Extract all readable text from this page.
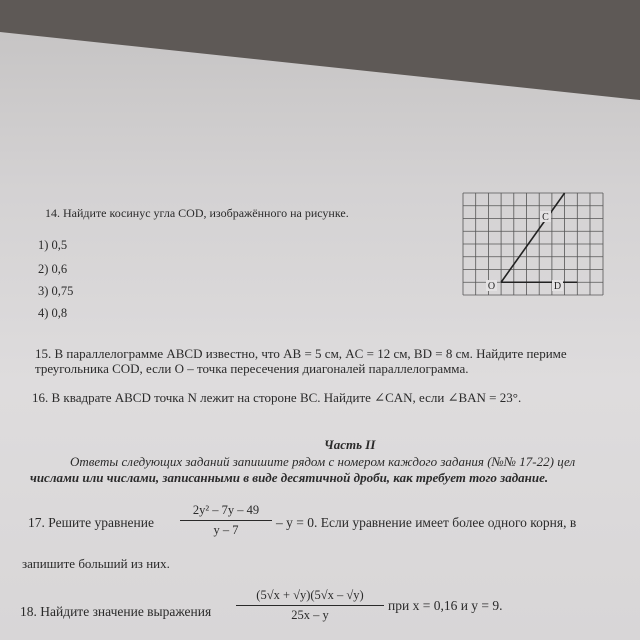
14. Найдите косинус угла COD, изображённого на рисунке.
1) 0,5
2) 0,6
3) 0,75
4) 0,8
C
O	D
15. В параллелограмме ABCD известно, что AB = 5 см, AC = 12 см, BD = 8 см. Найдите периме
треугольника COD, если O – точка пересечения диагоналей параллелограмма.
16. В квадрате ABCD точка N лежит на стороне BC. Найдите ∠CAN, если ∠BAN = 23°.
Часть II
Ответы следующих заданий запишите рядом с номером каждого задания (№№ 17-22) цел
числами или числами, записанными в виде десятичной дроби, как требует того задание.
17. Решите уравнение
2y² – 7y – 49
y – 7	– y = 0. Если уравнение имеет более одного корня, в
запишите больший из них.
18. Найдите значение выражения
(5√x + √y)(5√x – √y)
25x – y
при x = 0,16 и y = 9.
